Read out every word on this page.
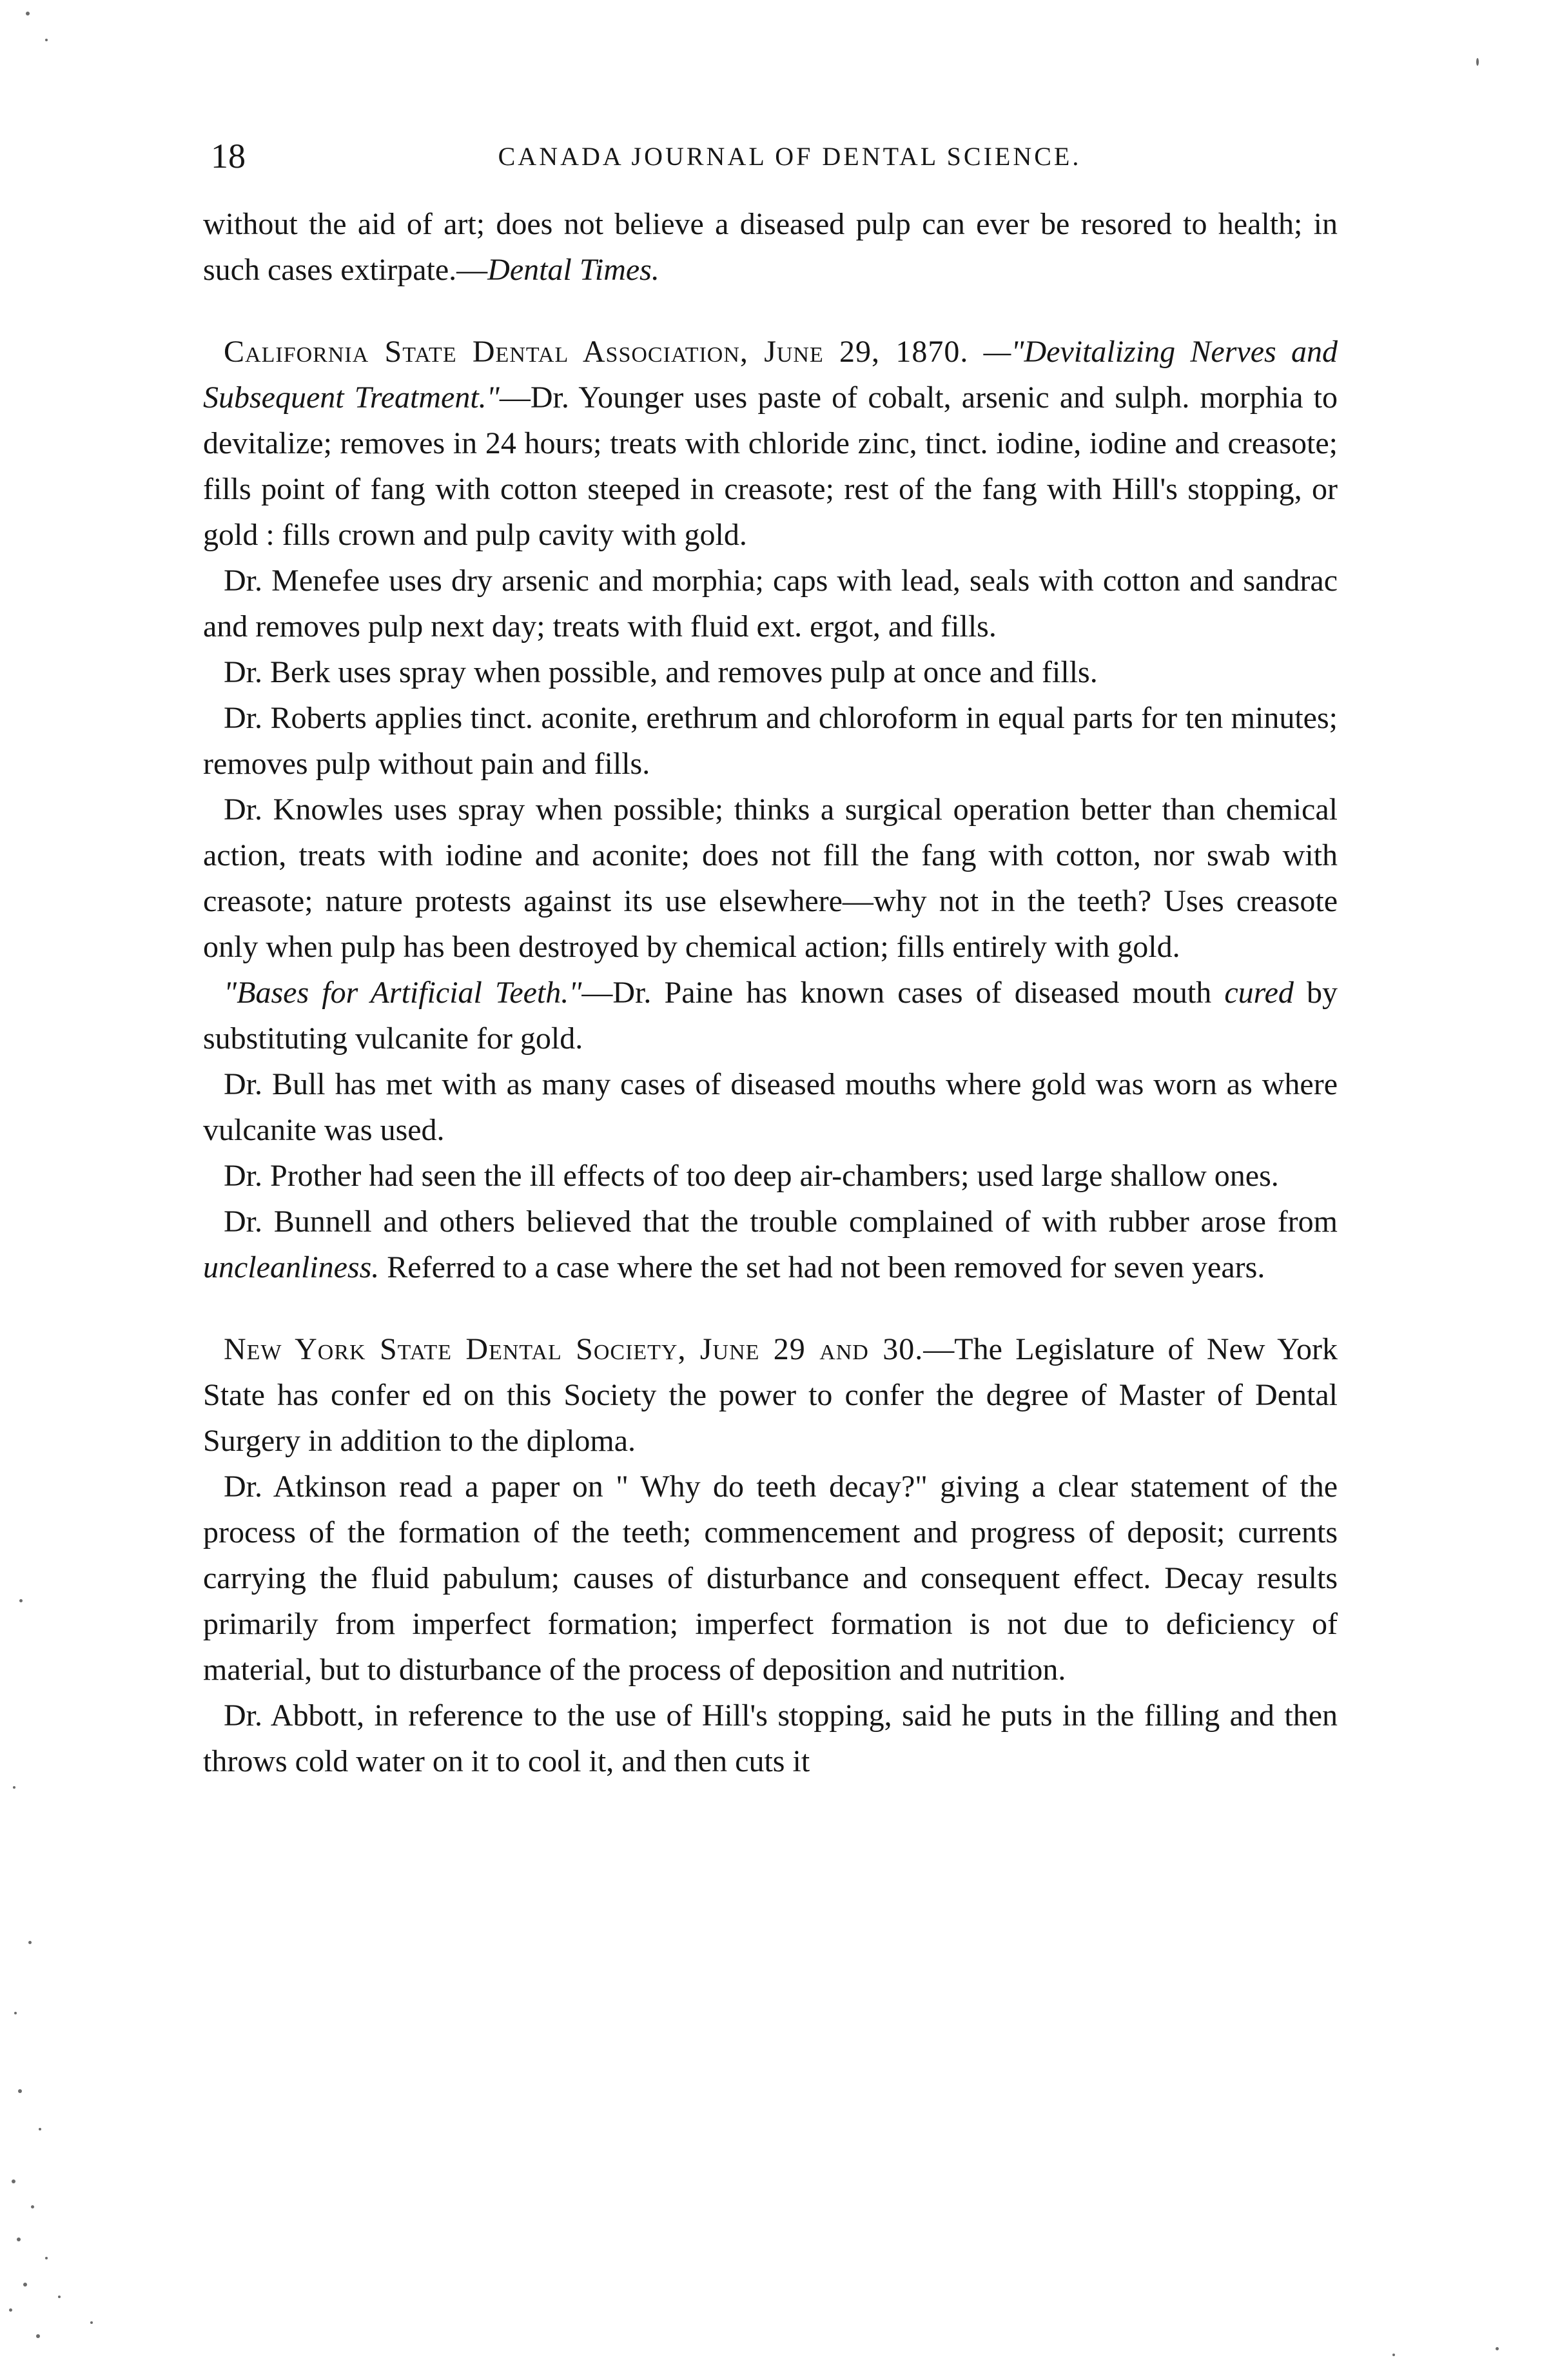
18	CANADA JOURNAL OF DENTAL SCIENCE.

without the aid of art; does not believe a diseased pulp can ever be resored to health; in such cases extirpate.—Dental Times.

California State Dental Association, June 29, 1870. —"Devitalizing Nerves and Subsequent Treatment."—Dr. Younger uses paste of cobalt, arsenic and sulph. morphia to devitalize; removes in 24 hours; treats with chloride zinc, tinct. iodine, iodine and creasote; fills point of fang with cotton steeped in creasote; rest of the fang with Hill's stopping, or gold : fills crown and pulp cavity with gold.

Dr. Menefee uses dry arsenic and morphia; caps with lead, seals with cotton and sandrac and removes pulp next day; treats with fluid ext. ergot, and fills.

Dr. Berk uses spray when possible, and removes pulp at once and fills.

Dr. Roberts applies tinct. aconite, erethrum and chloroform in equal parts for ten minutes; removes pulp without pain and fills.

Dr. Knowles uses spray when possible; thinks a surgical operation better than chemical action, treats with iodine and aconite; does not fill the fang with cotton, nor swab with creasote; nature protests against its use elsewhere—why not in the teeth? Uses creasote only when pulp has been destroyed by chemical action; fills entirely with gold.

"Bases for Artificial Teeth."—Dr. Paine has known cases of diseased mouth cured by substituting vulcanite for gold.

Dr. Bull has met with as many cases of diseased mouths where gold was worn as where vulcanite was used.

Dr. Prother had seen the ill effects of too deep air-chambers; used large shallow ones.

Dr. Bunnell and others believed that the trouble complained of with rubber arose from uncleanliness. Referred to a case where the set had not been removed for seven years.

New York State Dental Society, June 29 and 30.—The Legislature of New York State has confer ed on this Society the power to confer the degree of Master of Dental Surgery in addition to the diploma.

Dr. Atkinson read a paper on " Why do teeth decay?" giving a clear statement of the process of the formation of the teeth; commencement and progress of deposit; currents carrying the fluid pabulum; causes of disturbance and consequent effect. Decay results primarily from imperfect formation; imperfect formation is not due to deficiency of material, but to disturbance of the process of deposition and nutrition.

Dr. Abbott, in reference to the use of Hill's stopping, said he puts in the filling and then throws cold water on it to cool it, and then cuts it
